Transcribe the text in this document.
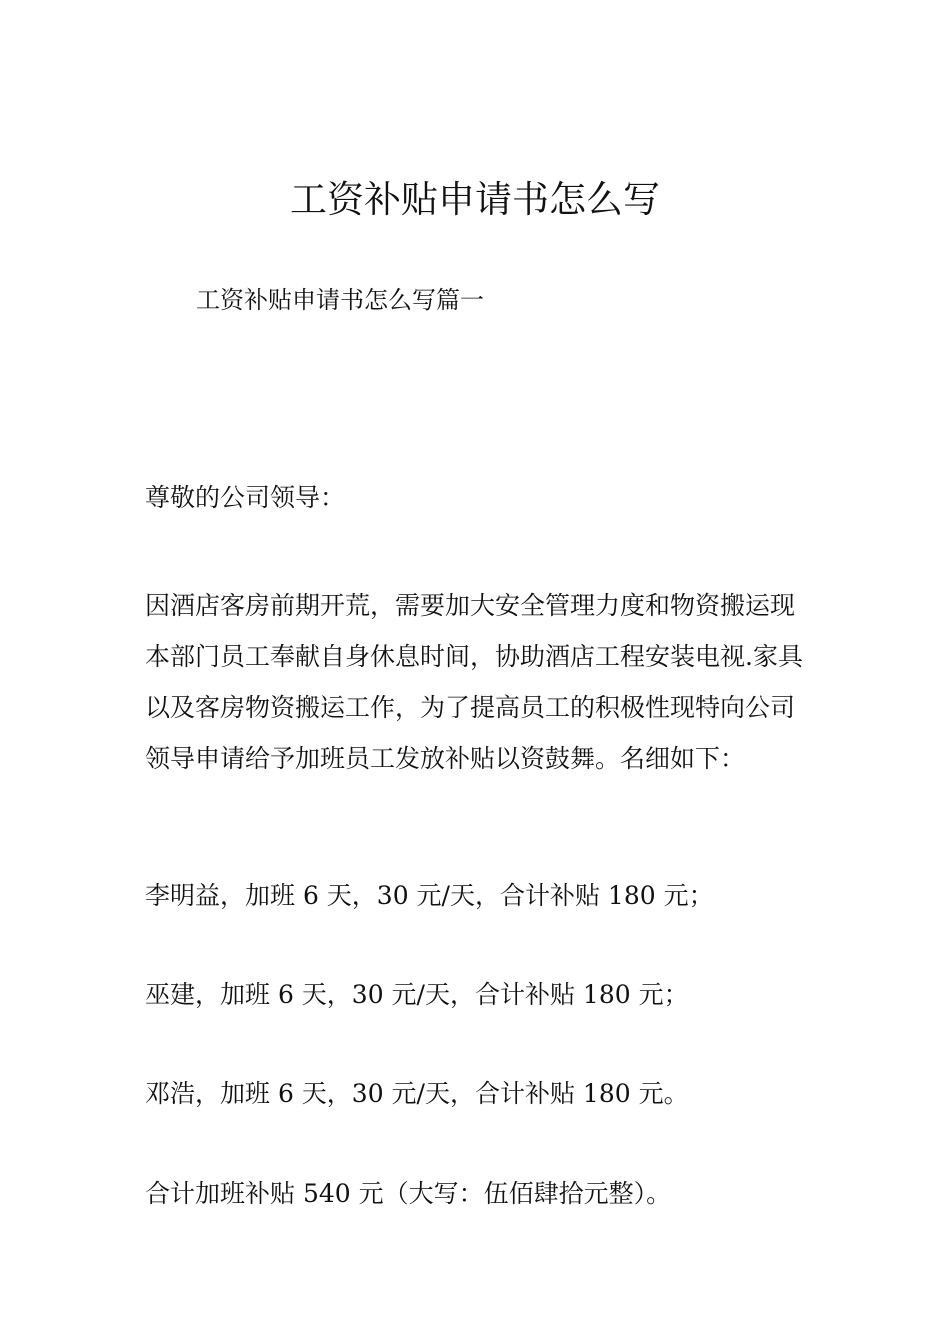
工资补贴申请书怎么写

工资补贴申请书怎么写篇一

尊敬的公司领导：

因酒店客房前期开荒，需要加大安全管理力度和物资搬运现本部门员工奉献自身休息时间，协助酒店工程安装电视.家具以及客房物资搬运工作，为了提高员工的积极性现特向公司领导申请给予加班员工发放补贴以资鼓舞。名细如下：

李明益，加班 6 天，30 元/天，合计补贴 180 元；

巫建，加班 6 天，30 元/天，合计补贴 180 元；

邓浩，加班 6 天，30 元/天，合计补贴 180 元。

合计加班补贴 540 元（大写：伍佰肆拾元整）。
